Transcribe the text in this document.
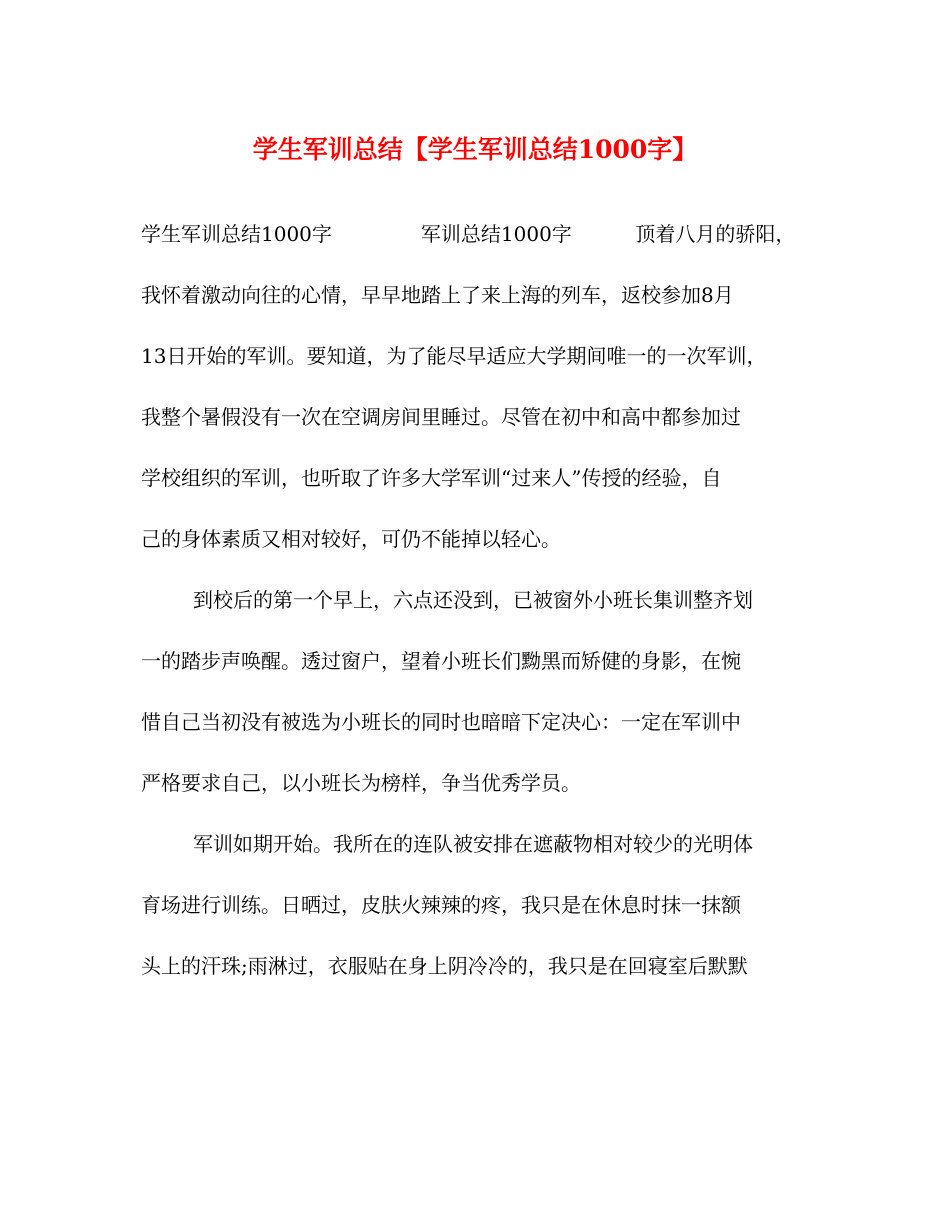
学生军训总结【学生军训总结1000字】
学生军训总结1000字              军训总结1000字          顶着八月的骄阳，
我怀着激动向往的心情，早早地踏上了来上海的列车，返校参加8月
13日开始的军训。要知道，为了能尽早适应大学期间唯一的一次军训，
我整个暑假没有一次在空调房间里睡过。尽管在初中和高中都参加过
学校组织的军训，也听取了许多大学军训“过来人”传授的经验，自
己的身体素质又相对较好，可仍不能掉以轻心。
到校后的第一个早上，六点还没到，已被窗外小班长集训整齐划
一的踏步声唤醒。透过窗户，望着小班长们黝黑而矫健的身影，在惋
惜自己当初没有被选为小班长的同时也暗暗下定决心：一定在军训中
严格要求自己，以小班长为榜样，争当优秀学员。
军训如期开始。我所在的连队被安排在遮蔽物相对较少的光明体
育场进行训练。日晒过，皮肤火辣辣的疼，我只是在休息时抹一抹额
头上的汗珠;雨淋过，衣服贴在身上阴冷冷的，我只是在回寝室后默默
